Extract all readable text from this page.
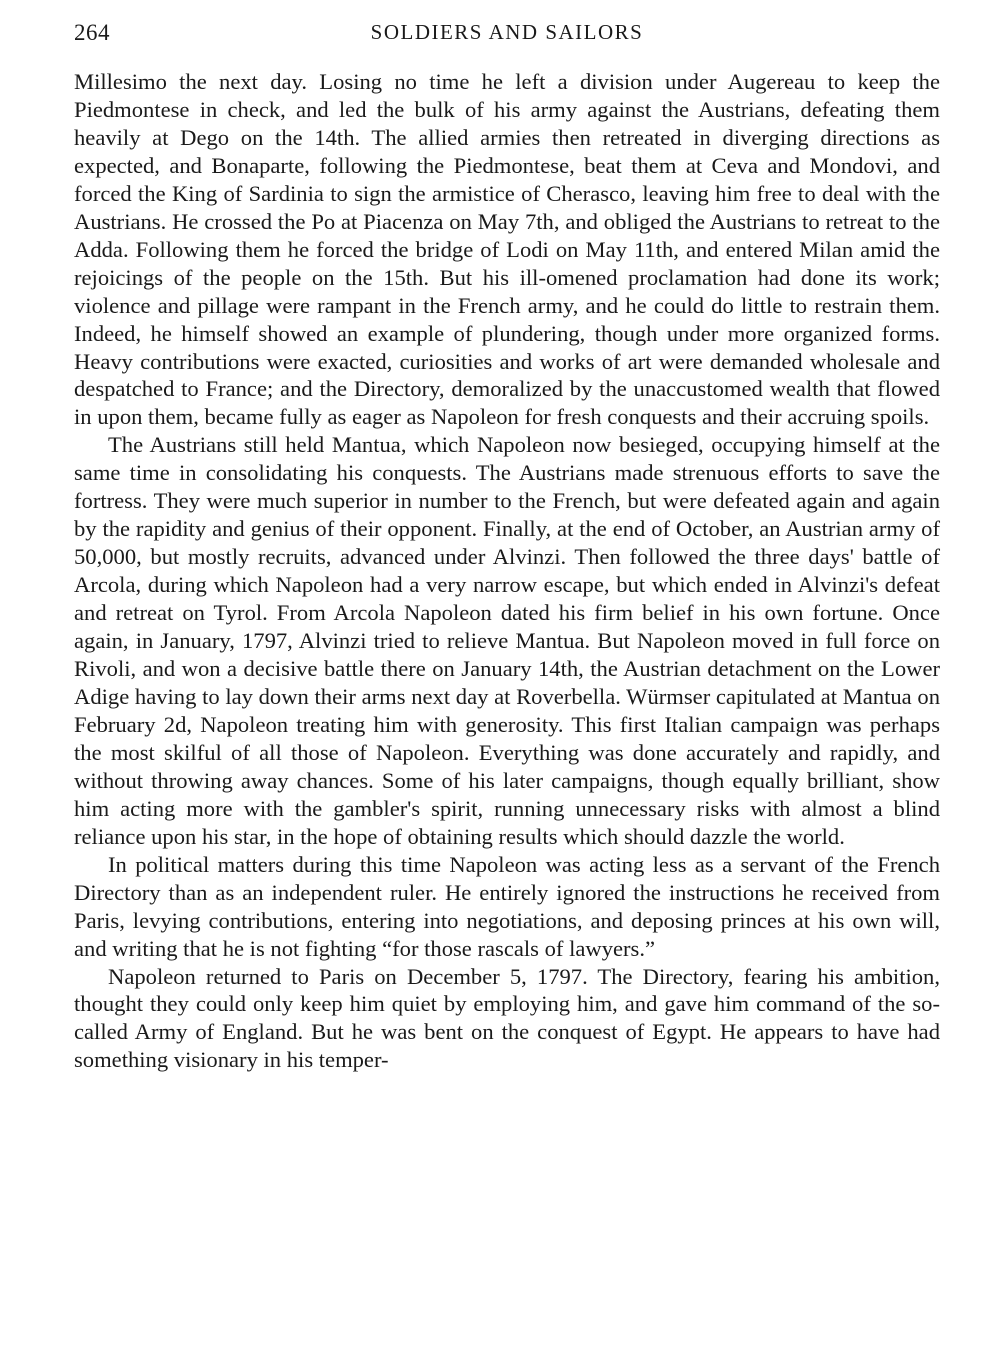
264	SOLDIERS AND SAILORS

Millesimo the next day. Losing no time he left a division under Augereau to keep the Piedmontese in check, and led the bulk of his army against the Austrians, defeating them heavily at Dego on the 14th. The allied armies then retreated in diverging directions as expected, and Bonaparte, following the Piedmontese, beat them at Ceva and Mondovi, and forced the King of Sardinia to sign the armistice of Cherasco, leaving him free to deal with the Austrians. He crossed the Po at Piacenza on May 7th, and obliged the Austrians to retreat to the Adda. Following them he forced the bridge of Lodi on May 11th, and entered Milan amid the rejoicings of the people on the 15th. But his ill-omened proclamation had done its work; violence and pillage were rampant in the French army, and he could do little to restrain them. Indeed, he himself showed an example of plundering, though under more organized forms. Heavy contributions were exacted, curiosities and works of art were demanded wholesale and despatched to France; and the Directory, demoralized by the unaccustomed wealth that flowed in upon them, became fully as eager as Napoleon for fresh conquests and their accruing spoils.

The Austrians still held Mantua, which Napoleon now besieged, occupying himself at the same time in consolidating his conquests. The Austrians made strenuous efforts to save the fortress. They were much superior in number to the French, but were defeated again and again by the rapidity and genius of their opponent. Finally, at the end of October, an Austrian army of 50,000, but mostly recruits, advanced under Alvinzi. Then followed the three days' battle of Arcola, during which Napoleon had a very narrow escape, but which ended in Alvinzi's defeat and retreat on Tyrol. From Arcola Napoleon dated his firm belief in his own fortune. Once again, in January, 1797, Alvinzi tried to relieve Mantua. But Napoleon moved in full force on Rivoli, and won a decisive battle there on January 14th, the Austrian detachment on the Lower Adige having to lay down their arms next day at Roverbella. Würmser capitulated at Mantua on February 2d, Napoleon treating him with generosity. This first Italian campaign was perhaps the most skilful of all those of Napoleon. Everything was done accurately and rapidly, and without throwing away chances. Some of his later campaigns, though equally brilliant, show him acting more with the gambler's spirit, running unnecessary risks with almost a blind reliance upon his star, in the hope of obtaining results which should dazzle the world.

In political matters during this time Napoleon was acting less as a servant of the French Directory than as an independent ruler. He entirely ignored the instructions he received from Paris, levying contributions, entering into negotiations, and deposing princes at his own will, and writing that he is not fighting “for those rascals of lawyers.”

Napoleon returned to Paris on December 5, 1797. The Directory, fearing his ambition, thought they could only keep him quiet by employing him, and gave him command of the so-called Army of England. But he was bent on the conquest of Egypt. He appears to have had something visionary in his temper-
